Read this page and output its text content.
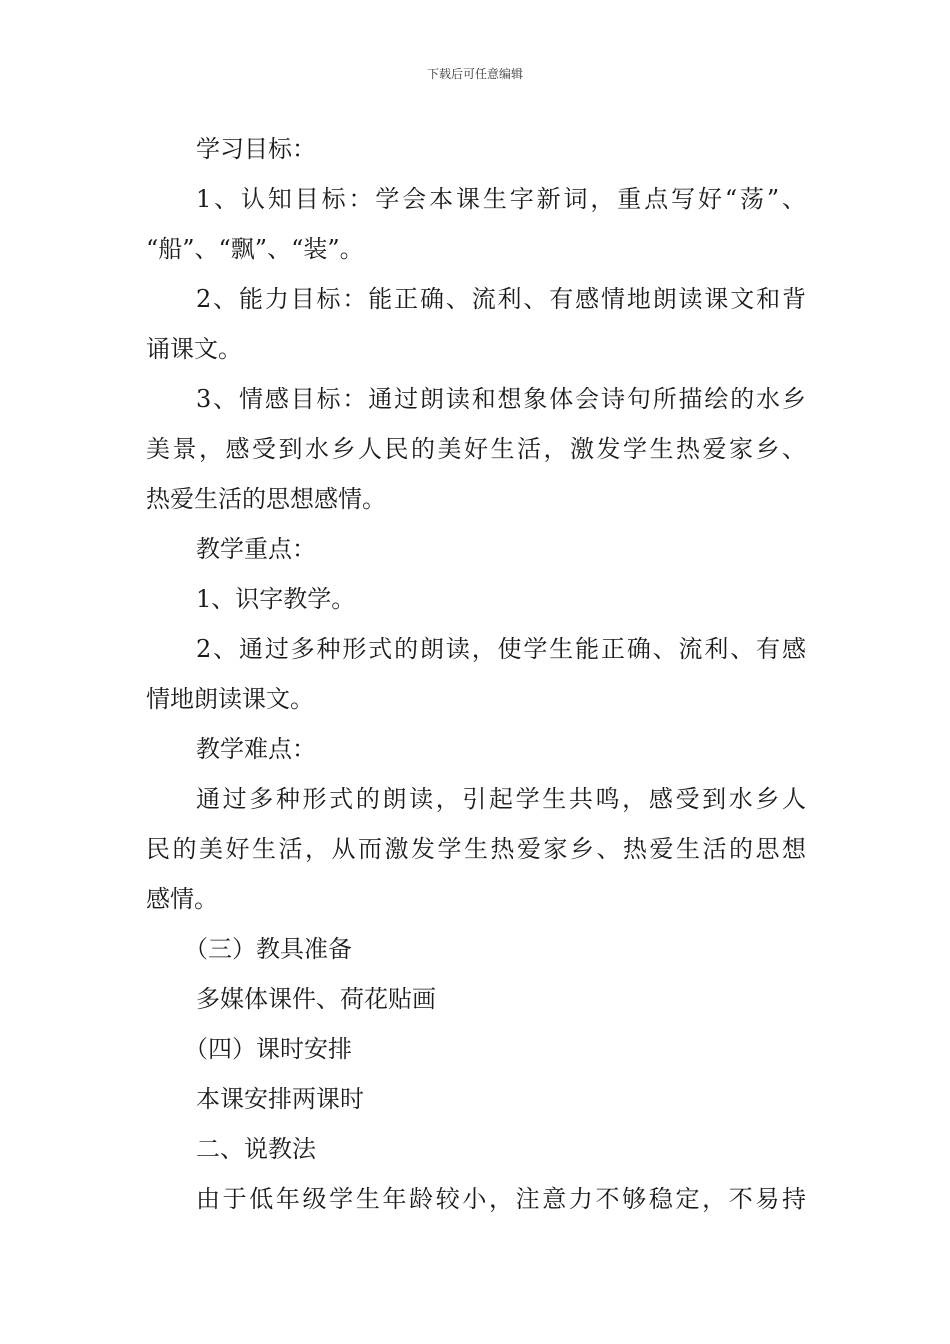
下载后可任意编辑
学习目标：
1、认知目标：学会本课生字新词，重点写好“荡”、
“船”、“飘”、“装”。
2、能力目标：能正确、流利、有感情地朗读课文和背
诵课文。
3、情感目标：通过朗读和想象体会诗句所描绘的水乡
美景，感受到水乡人民的美好生活，激发学生热爱家乡、
热爱生活的思想感情。
教学重点：
1、识字教学。
2、通过多种形式的朗读，使学生能正确、流利、有感
情地朗读课文。
教学难点：
通过多种形式的朗读，引起学生共鸣，感受到水乡人
民的美好生活，从而激发学生热爱家乡、热爱生活的思想
感情。
（三）教具准备
多媒体课件、荷花贴画
（四）课时安排
本课安排两课时
二、说教法
由于低年级学生年龄较小，注意力不够稳定，不易持
